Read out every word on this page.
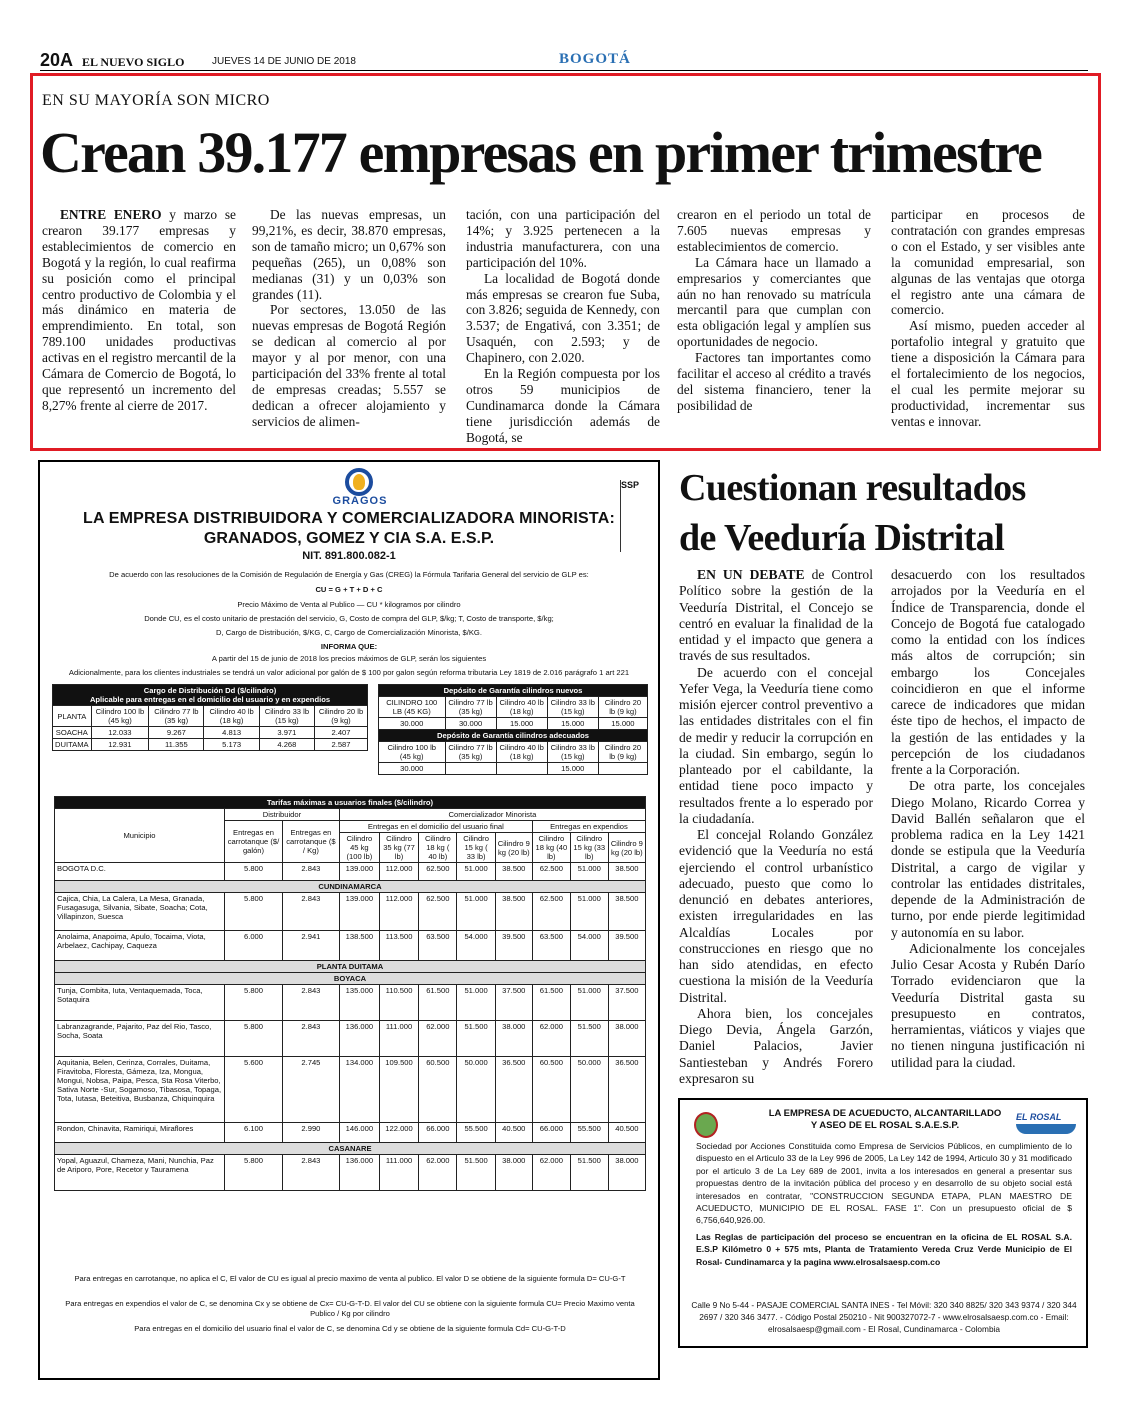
20A EL NUEVO SIGLO	JUEVES 14 DE JUNIO DE 2018	BOGOTÁ
EN SU MAYORÍA SON MICRO
Crean 39.177 empresas en primer trimestre

ENTRE ENERO y marzo se crearon 39.177 empresas y establecimientos de comercio en Bogotá y la región, lo cual reafirma su posición como el principal centro productivo de Colombia y el más dinámico en materia de emprendimiento. En total, son 789.100 unidades productivas activas en el registro mercantil de la Cámara de Comercio de Bogotá, lo que representó un incremento del 8,27% frente al cierre de 2017.

De las nuevas empresas, un 99,21%, es decir, 38.870 empresas, son de tamaño micro; un 0,67% son pequeñas (265), un 0,08% son medianas (31) y un 0,03% son grandes (11).

Por sectores, 13.050 de las nuevas empresas de Bogotá Región se dedican al comercio al por mayor y al por menor, con una participación del 33% frente al total de empresas creadas; 5.557 se dedican a ofrecer alojamiento y servicios de alimen-

tación, con una participación del 14%; y 3.925 pertenecen a la industria manufacturera, con una participación del 10%.

La localidad de Bogotá donde más empresas se crearon fue Suba, con 3.826; seguida de Kennedy, con 3.537; de Engativá, con 3.351; de Usaquén, con 2.593; y de Chapinero, con 2.020.

En la Región compuesta por los otros 59 municipios de Cundinamarca donde la Cámara tiene jurisdicción además de Bogotá, se

crearon en el periodo un total de 7.605 nuevas empresas y establecimientos de comercio.

La Cámara hace un llamado a empresarios y comerciantes que aún no han renovado su matrícula mercantil para que cumplan con esta obligación legal y amplíen sus oportunidades de negocio.

Factores tan importantes como facilitar el acceso al crédito a través del sistema financiero, tener la posibilidad de

participar en procesos de contratación con grandes empresas o con el Estado, y ser visibles ante la comunidad empresarial, son algunas de las ventajas que otorga el registro ante una cámara de comercio.

Así mismo, pueden acceder al portafolio integral y gratuito que tiene a disposición la Cámara para el fortalecimiento de los negocios, el cual les permite mejorar su productividad, incrementar sus ventas e innovar.

GRAGOS
SSP
LA EMPRESA DISTRIBUIDORA Y COMERCIALIZADORA MINORISTA:
GRANADOS, GOMEZ Y CIA S.A. E.S.P.
NIT. 891.800.082-1
De acuerdo con las resoluciones de la Comisión de Regulación de Energía y Gas (CREG) la Fórmula Tarifaria General del servicio de GLP es:
CU = G + T + D + C
Precio Máximo de Venta al Publico — CU * kilogramos por cilindro
Donde CU, es el costo unitario de prestación del servicio, G, Costo de compra del GLP, $/kg; T, Costo de transporte, $/kg;
D, Cargo de Distribución, $/KG, C, Cargo de Comercialización Minorista, $/KG.
INFORMA QUE:
A partir del 15 de junio de 2018 los precios máximos de GLP, serán los siguientes
Adicionalmente, para los clientes industriales se tendrá un valor adicional por galón de $ 100 por galon según reforma tributaria Ley 1819 de 2.016 parágrafo 1 art 221
Cargo de Distribución Dd ($/cilindro)
Aplicable para entregas en el domicilio del usuario y en expendios					
PLANTA	Cilindro 100 lb (45 kg)	Cilindro 77 lb (35 kg)	Cilindro 40 lb (18 kg)	Cilindro 33 lb (15 kg)	Cilindro 20 lb (9 kg)
SOACHA	12.033	9.267	4.813	3.971	2.407
DUITAMA	12.931	11.355	5.173	4.268	2.587
Depósito de Garantía cilindros nuevos				
CILINDRO 100 LB (45 KG)	Cilindro 77 lb (35 kg)	Cilindro 40 lb (18 kg)	Cilindro 33 lb (15 kg)	Cilindro 20 lb (9 kg)
30.000	30.000	15.000	15.000	15.000
Depósito de Garantía cilindros adecuados				
Cilindro 100 lb (45 kg)	Cilindro 77 lb (35 kg)	Cilindro 40 lb (18 kg)	Cilindro 33 lb (15 kg)	Cilindro 20 lb (9 kg)
30.000			15.000	
Tarifas máximas a usuarios finales ($/cilindro)										
Municipio	Distribuidor		Comercializador Minorista							
	Entregas en carrotanque ($/ galón)	Entregas en carrotanque ($ / Kg)	Entregas en el domicilio del usuario final					Entregas en expendios		
			Cilindro 45 kg (100 lb)	Cilindro 35 kg (77 lb)	Cilindro 18 kg ( 40 lb)	Cilindro 15 kg ( 33 lb)	Cilindro 9 kg (20 lb)	Cilindro 18 kg (40 lb)	Cilindro 15 kg (33 lb)	Cilindro 9 kg (20 lb)
BOGOTA D.C.	5.800	2.843	139.000	112.000	62.500	51.000	38.500	62.500	51.000	38.500
CUNDINAMARCA										
Cajica, Chia, La Calera, La Mesa, Granada, Fusagasuga, Silvania, Sibate, Soacha; Cota, Villapinzon, Suesca	5.800	2.843	139.000	112.000	62.500	51.000	38.500	62.500	51.000	38.500
Anolaima, Anapoima, Apulo, Tocaima, Viota, Arbelaez, Cachipay, Caqueza	6.000	2.941	138.500	113.500	63.500	54.000	39.500	63.500	54.000	39.500
PLANTA DUITAMA										
BOYACA										
Tunja, Combita, Iuta, Ventaquemada, Toca, Sotaquira	5.800	2.843	135.000	110.500	61.500	51.000	37.500	61.500	51.000	37.500
Labranzagrande, Pajarito, Paz del Rio, Tasco, Socha, Soata	5.800	2.843	136.000	111.000	62.000	51.500	38.000	62.000	51.500	38.000
Aquitania, Belen, Cerinza, Corrales, Duitama, Firavitoba, Floresta, Gámeza, Iza, Mongua, Mongui, Nobsa, Paipa, Pesca, Sta Rosa Viterbo, Sativa Norte -Sur, Sogamoso, Tibasosa, Topaga, Tota, Iutasa, Beteitiva, Busbanza, Chiquinquira	5.600	2.745	134.000	109.500	60.500	50.000	36.500	60.500	50.000	36.500
Rondon, Chinavita, Ramiriqui, Miraflores	6.100	2.990	146.000	122.000	66.000	55.500	40.500	66.000	55.500	40.500
CASANARE										
Yopal, Aguazul, Chameza, Mani, Nunchia, Paz de Ariporo, Pore, Recetor y Tauramena	5.800	2.843	136.000	111.000	62.000	51.500	38.000	62.000	51.500	38.000
Para entregas en carrotanque, no aplica el C, El valor de CU es igual al precio maximo de venta al publico. El valor D se obtiene de la siguiente formula D= CU-G-T
Para entregas en expendios el valor de C, se denomina Cx y se obtiene de Cx= CU-G-T-D. El valor del CU se obtiene con la siguiente formula CU= Precio Maximo venta Publico / Kg por cilindro
Para entregas en el domicilio del usuario final el valor de C, se denomina Cd y se obtiene de la siguiente formula Cd= CU-G-T-D
Cuestionan resultados
de Veeduría Distrital

EN UN DEBATE de Control Político sobre la gestión de la Veeduría Distrital, el Concejo se centró en evaluar la finalidad de la entidad y el impacto que genera a través de sus resultados.

De acuerdo con el concejal Yefer Vega, la Veeduría tiene como misión ejercer control preventivo a las entidades distritales con el fin de medir y reducir la corrupción en la ciudad. Sin embargo, según lo planteado por el cabildante, la entidad tiene poco impacto y resultados frente a lo esperado por la ciudadanía.

El concejal Rolando González evidenció que la Veeduría no está ejerciendo el control urbanístico adecuado, puesto que como lo denunció en debates anteriores, existen irregularidades en las Alcaldías Locales por construcciones en riesgo que no han sido atendidas, en efecto cuestiona la misión de la Veeduría Distrital.

Ahora bien, los concejales Diego Devia, Ángela Garzón, Daniel Palacios, Javier Santiesteban y Andrés Forero expresaron su

desacuerdo con los resultados arrojados por la Veeduría en el Índice de Transparencia, donde el Concejo de Bogotá fue catalogado como la entidad con los índices más altos de corrupción; sin embargo los Concejales coincidieron en que el informe carece de indicadores que midan éste tipo de hechos, el impacto de la gestión de las entidades y la percepción de los ciudadanos frente a la Corporación.

De otra parte, los concejales Diego Molano, Ricardo Correa y David Ballén señalaron que el problema radica en la Ley 1421 donde se estipula que la Veeduría Distrital, a cargo de vigilar y controlar las entidades distritales, depende de la Administración de turno, por ende pierde legitimidad y autonomía en su labor.

Adicionalmente los concejales Julio Cesar Acosta y Rubén Darío Torrado evidenciaron que la Veeduría Distrital gasta su presupuesto en contratos, herramientas, viáticos y viajes que no tienen ninguna justificación ni utilidad para la ciudad.

EL ROSAL
LA EMPRESA DE ACUEDUCTO, ALCANTARILLADO
Y ASEO DE EL ROSAL S.A.E.S.P.

Sociedad por Acciones Constituida como Empresa de Servicios Públicos, en cumplimiento de lo dispuesto en el Articulo 33 de la Ley 996 de 2005, La Ley 142 de 1994, Articulo 30 y 31 modificado por el articulo 3 de La Ley 689 de 2001, invita a los interesados en general a presentar sus propuestas dentro de la invitación pública del proceso y en desarrollo de su objeto social está interesados en contratar, "CONSTRUCCION SEGUNDA ETAPA, PLAN MAESTRO DE ACUEDUCTO, MUNICIPIO DE EL ROSAL. FASE 1". Con un presupuesto oficial de $ 6,756,640,926.00.

Las Reglas de participación del proceso se encuentran en la oficina de EL ROSAL S.A. E.S.P Kilómetro 0 + 575 mts, Planta de Tratamiento Vereda Cruz Verde Municipio de El Rosal- Cundinamarca y la pagina www.elrosalsaesp.com.co

Calle 9 No 5-44 - PASAJE COMERCIAL SANTA INES - Tel Móvil: 320 340 8825/ 320 343 9374 / 320 344 2697 / 320 346 3477. - Código Postal 250210 - Nit 900327072-7 - www.elrosalsaesp.com.co - Email: elrosalsaesp@gmail.com - El Rosal, Cundinamarca - Colombia
